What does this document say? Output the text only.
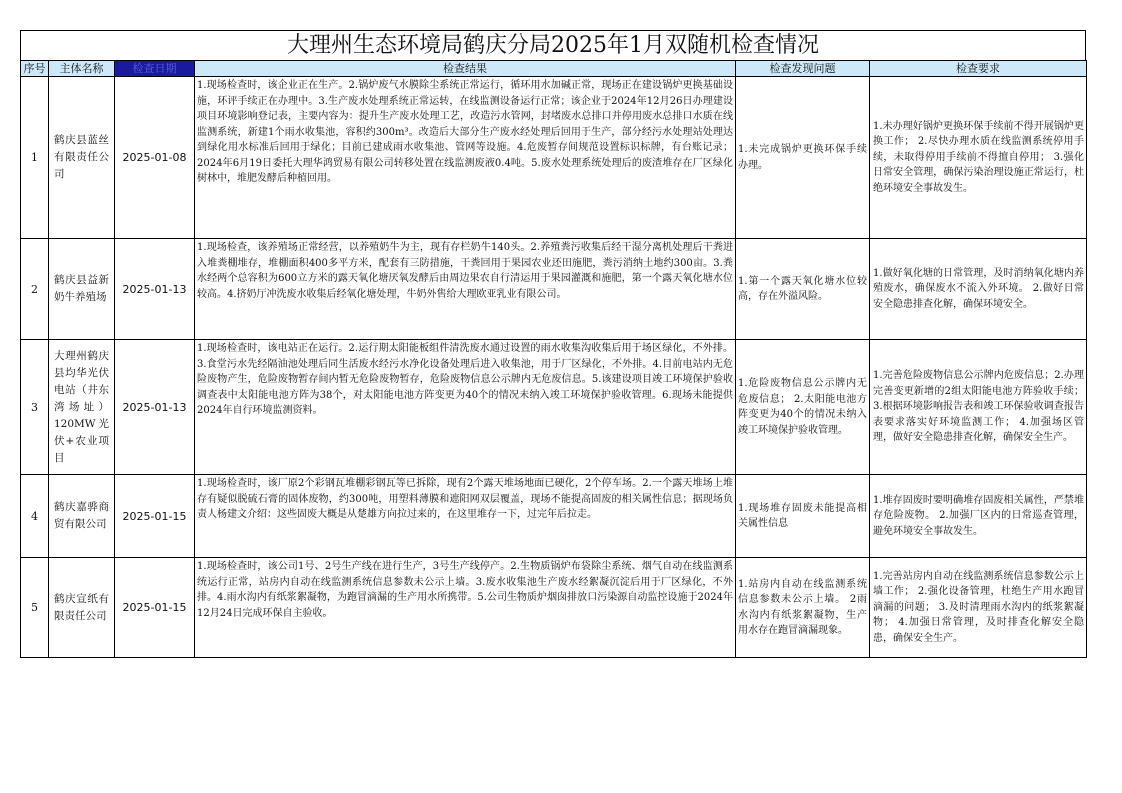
大理州生态环境局鹤庆分局2025年1月双随机检查情况
序号	主体名称	检查日期	检查结果	检查发现问题	检查要求
1	鹤庆县蓝丝有限责任公司	2025-01-08	1.现场检查时，该企业正在生产。2.锅炉废气水膜除尘系统正常运行，循环用水加碱正常，现场正在建设锅炉更换基础设施，环评手续正在办理中。3.生产废水处理系统正常运转，在线监测设备运行正常；该企业于2024年12月26日办理建设项目环境影响登记表，主要内容为：提升生产废水处理工艺，改造污水管网，封堵废水总排口并停用废水总排口水质在线监测系统，新建1个雨水收集池，容积约300m³。改造后大部分生产废水经处理后回用于生产，部分经污水处理站处理达到绿化用水标准后回用于绿化；目前已建成雨水收集池、管网等设施。4.危废暂存间规范设置标识标牌，有台账记录；2024年6月19日委托大理华鸿贸易有限公司转移处置在线监测废液0.4吨。5.废水处理系统处理后的废渣堆存在厂区绿化树林中，堆肥发酵后种植回用。	1.未完成锅炉更换环保手续办理。	1.未办理好锅炉更换环保手续前不得开展锅炉更换工作； 2.尽快办理水质在线监测系统停用手续，未取得停用手续前不得擅自停用； 3.强化日常安全管理，确保污染治理设施正常运行，杜绝环境安全事故发生。
2	鹤庆县益新奶牛养殖场	2025-01-13	1.现场检查，该养殖场正常经营，以养殖奶牛为主，现有存栏奶牛140头。2.养殖粪污收集后经干湿分离机处理后干粪进入堆粪棚堆存，堆棚面积400多平方米，配套有三防措施，干粪回用于果园农业还田施肥，粪污消纳土地约300亩。3.粪水经两个总容积为600立方米的露天氧化塘厌氧发酵后由周边果农自行清运用于果园灌溉和施肥，第一个露天氧化塘水位较高。4.挤奶厅冲洗废水收集后经氧化塘处理，牛奶外售给大理欧亚乳业有限公司。	1.第一个露天氧化塘水位较高，存在外溢风险。	1.做好氧化塘的日常管理，及时消纳氧化塘内养殖废水，确保废水不流入外环境。 2.做好日常安全隐患排查化解，确保环境安全。
3	大理州鹤庆县均华光伏电站（井东湾场址）120MW光伏+农业项目	2025-01-13	1.现场检查时，该电站正在运行。2.运行期太阳能板组件清洗废水通过设置的雨水收集沟收集后用于场区绿化，不外排。3.食堂污水先经隔油池处理后同生活废水经污水净化设备处理后进入收集池，用于厂区绿化，不外排。4.目前电站内无危险废物产生，危险废物暂存间内暂无危险废物暂存，危险废物信息公示牌内无危废信息。5.该建设项目竣工环境保护验收调查表中太阳能电池方阵为38个，对太阳能电池方阵变更为40个的情况未纳入竣工环境保护验收管理。6.现场未能提供2024年自行环境监测资料。	1.危险废物信息公示牌内无危废信息； 2.太阳能电池方阵变更为40个的情况未纳入竣工环境保护验收管理。	1.完善危险废物信息公示牌内危废信息；2.办理完善变更新增的2组太阳能电池方阵验收手续； 3.根据环境影响报告表和竣工环保验收调查报告表要求落实好环境监测工作； 4.加强场区管理，做好安全隐患排查化解，确保安全生产。
4	鹤庆嘉骅商贸有限公司	2025-01-15	1.现场检查时，该厂原2个彩钢瓦堆棚彩钢瓦等已拆除，现有2个露天堆场地面已硬化，2个停车场。2.一个露天堆场上堆存有疑似脱硫石膏的固体废物，约300吨，用塑料薄膜和遮阳网双层覆盖，现场不能提高固废的相关属性信息；据现场负责人杨建文介绍：这些固废大概是从楚雄方向拉过来的，在这里堆存一下，过完年后拉走。	1.现场堆存固废未能提高相关属性信息	1.堆存固废时要明确堆存固废相关属性，严禁堆存危险废物。 2.加强厂区内的日常巡查管理，避免环境安全事故发生。
5	鹤庆宣纸有限责任公司	2025-01-15	1.现场检查时，该公司1号、2号生产线在进行生产，3号生产线停产。2.生物质锅炉布袋除尘系统、烟气自动在线监测系统运行正常，站房内自动在线监测系统信息参数未公示上墙。3.废水收集池生产废水经絮凝沉淀后用于厂区绿化，不外排。4.雨水沟内有纸浆絮凝物，为跑冒滴漏的生产用水所携带。5.公司生物质炉烟囱排放口污染源自动监控设施于2024年12月24日完成环保自主验收。	1.站房内自动在线监测系统信息参数未公示上墙。 2雨水沟内有纸浆絮凝物，生产用水存在跑冒滴漏现象。	1.完善站房内自动在线监测系统信息参数公示上墙工作； 2.强化设备管理，杜绝生产用水跑冒滴漏的问题； 3.及时清理雨水沟内的纸浆絮凝物； 4.加强日常管理，及时排查化解安全隐患，确保安全生产。
